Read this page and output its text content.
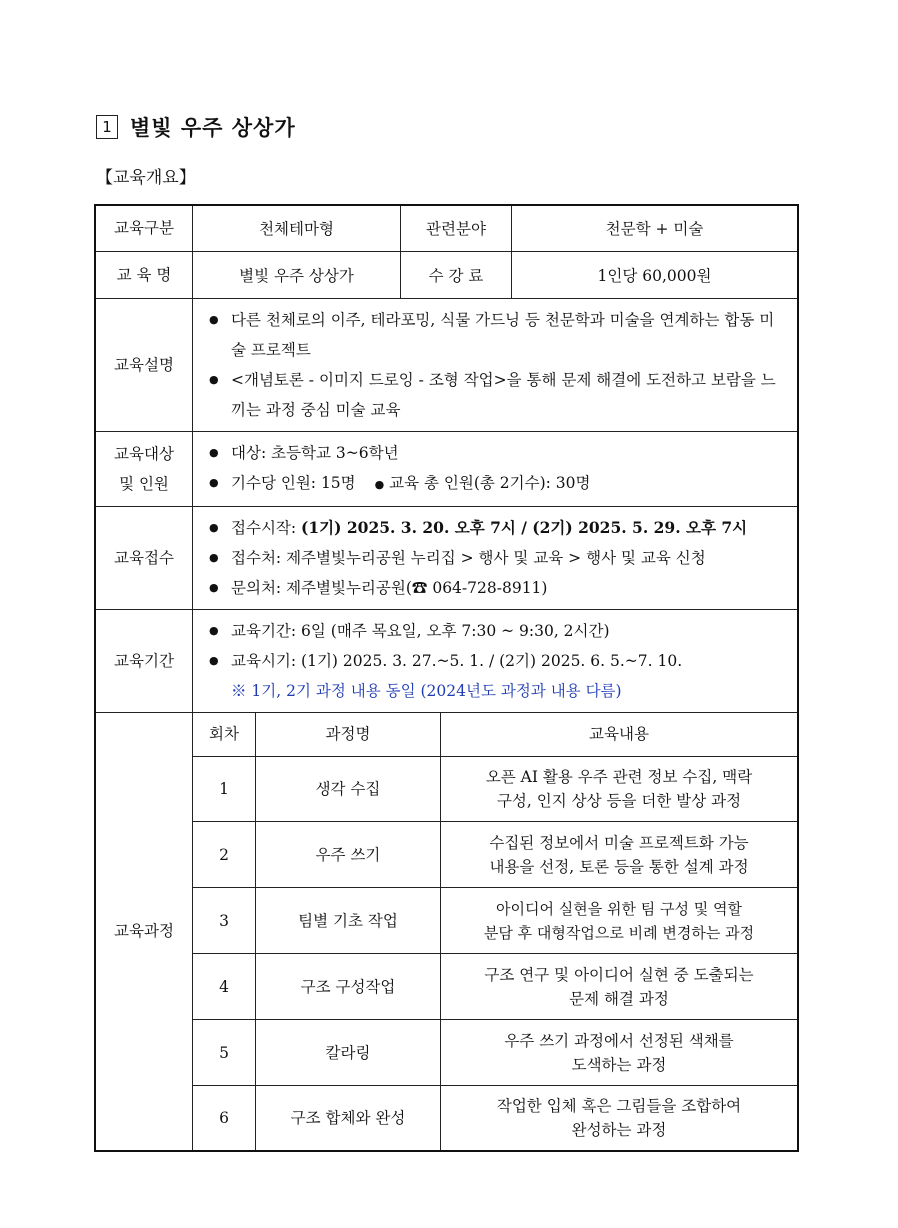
1 별빛 우주 상상가
【교육개요】
교육구분	천체테마형	관련분야	천문학 + 미술
교 육 명	별빛 우주 상상가	수 강 료	1인당 60,000원
교육설명	
● 다른 천체로의 이주, 테라포밍, 식물 가드닝 등 천문학과 미술을 연계하는 합동 미술 프로젝트
● <개념토론 - 이미지 드로잉 - 조형 작업>을 통해 문제 해결에 도전하고 보람을 느끼는 과정 중심 미술 교육

교육대상
및 인원

● 대상: 초등학교 3~6학년
● 기수당 인원: 15명 ● 교육 총 인원(총 2기수): 30명

교육접수	
● 접수시작: (1기) 2025. 3. 20. 오후 7시 / (2기) 2025. 5. 29. 오후 7시
● 접수처: 제주별빛누리공원 누리집 > 행사 및 교육 > 행사 및 교육 신청
● 문의처: 제주별빛누리공원(☎ 064-728-8911)

교육기간	
● 교육기간: 6일 (매주 목요일, 오후 7:30 ~ 9:30, 2시간)
● 교육시기: (1기) 2025. 3. 27.~5. 1. / (2기) 2025. 6. 5.~7. 10.
※ 1기, 2기 과정 내용 동일 (2024년도 과정과 내용 다름)

교육과정	
회차	과정명	교육내용
1	생각 수집	
오픈 AI 활용 우주 관련 정보 수집, 맥락
구성, 인지 상상 등을 더한 발상 과정

2	우주 쓰기	
수집된 정보에서 미술 프로젝트화 가능
내용을 선정, 토론 등을 통한 설계 과정

3	팀별 기초 작업	
아이디어 실현을 위한 팀 구성 및 역할
분담 후 대형작업으로 비례 변경하는 과정

4	구조 구성작업	
구조 연구 및 아이디어 실현 중 도출되는
문제 해결 과정

5	칼라링	
우주 쓰기 과정에서 선정된 색채를
도색하는 과정

6	구조 합체와 완성	
작업한 입체 혹은 그림들을 조합하여
완성하는 과정
